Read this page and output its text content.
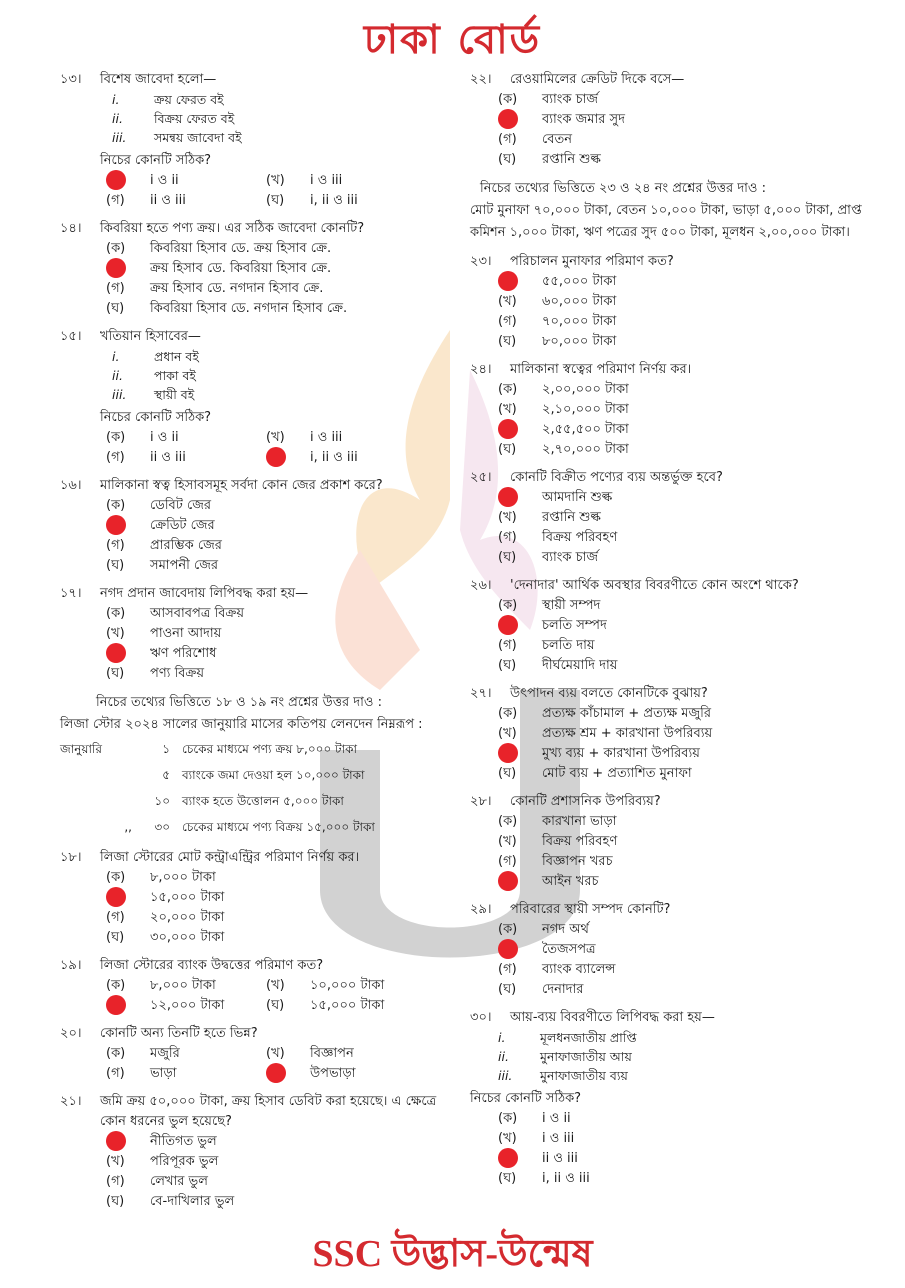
ঢাকা বোর্ড
১৩।	বিশেষ জাবেদা হলো—
i.	ক্রয় ফেরত বই
ii.	বিক্রয় ফেরত বই
iii.	সমন্বয় জাবেদা বই
নিচের কোনটি সঠিক?
i ও ii	(খ)	i ও iii
(গ)	ii ও iii	(ঘ)	i, ii ও iii
১৪।	কিবরিয়া হতে পণ্য ক্রয়। এর সঠিক জাবেদা কোনটি?
(ক)	কিবরিয়া হিসাব ডে. ক্রয় হিসাব ক্রে.
ক্রয় হিসাব ডে. কিবরিয়া হিসাব ক্রে.
(গ)	ক্রয় হিসাব ডে. নগদান হিসাব ক্রে.
(ঘ)	কিবরিয়া হিসাব ডে. নগদান হিসাব ক্রে.
১৫।	খতিয়ান হিসাবের—
i.	প্রধান বই
ii.	পাকা বই
iii.	স্থায়ী বই
নিচের কোনটি সঠিক?
(ক)	i ও ii	(খ)	i ও iii
(গ)	ii ও iii	i, ii ও iii
১৬।	মালিকানা স্বত্ব হিসাবসমূহ সর্বদা কোন জের প্রকাশ করে?
(ক)	ডেবিট জের
ক্রেডিট জের
(গ)	প্রারম্ভিক জের
(ঘ)	সমাপনী জের
১৭।	নগদ প্রদান জাবেদায় লিপিবদ্ধ করা হয়—
(ক)	আসবাবপত্র বিক্রয়
(খ)	পাওনা আদায়
ঋণ পরিশোধ
(ঘ)	পণ্য বিক্রয়
নিচের তথ্যের ভিত্তিতে ১৮ ও ১৯ নং প্রশ্নের উত্তর দাও :
লিজা স্টোর ২০২৪ সালের জানুয়ারি মাসের কতিপয় লেনদেন নিম্নরূপ :
জানুয়ারি	১ চেকের মাধ্যমে পণ্য ক্রয় ৮,০০০ টাকা
৫ ব্যাংকে জমা দেওয়া হল ১০,০০০ টাকা
১০ ব্যাংক হতে উত্তোলন ৫,০০০ টাকা
,, ৩০ চেকের মাধ্যমে পণ্য বিক্রয় ১৫,০০০ টাকা
১৮।	লিজা স্টোরের মোট কন্ট্রাএন্ট্রির পরিমাণ নির্ণয় কর।
(ক)	৮,০০০ টাকা
১৫,০০০ টাকা
(গ)	২০,০০০ টাকা
(ঘ)	৩০,০০০ টাকা
১৯।	লিজা স্টোরের ব্যাংক উদ্বত্তের পরিমাণ কত?
(ক)	৮,০০০ টাকা	(খ)	১০,০০০ টাকা
১২,০০০ টাকা	(ঘ)	১৫,০০০ টাকা
২০।	কোনটি অন্য তিনটি হতে ভিন্ন?
(ক)	মজুরি	(খ)	বিজ্ঞাপন
(গ)	ভাড়া	উপভাড়া
২১।	জমি ক্রয় ৫০,০০০ টাকা, ক্রয় হিসাব ডেবিট করা হয়েছে। এ ক্ষেত্রে কোন ধরনের ভুল হয়েছে?
নীতিগত ভুল
(খ)	পরিপূরক ভুল
(গ)	লেখার ভুল
(ঘ)	বে-দাখিলার ভুল
২২।	রেওয়ামিলের ক্রেডিট দিকে বসে—
(ক)	ব্যাংক চার্জ
ব্যাংক জমার সুদ
(গ)	বেতন
(ঘ)	রপ্তানি শুল্ক
নিচের তথ্যের ভিত্তিতে ২৩ ও ২৪ নং প্রশ্নের উত্তর দাও :
মোট মুনাফা ৭০,০০০ টাকা, বেতন ১০,০০০ টাকা, ভাড়া ৫,০০০ টাকা, প্রাপ্ত কমিশন ১,০০০ টাকা, ঋণ পত্রের সুদ ৫০০ টাকা, মূলধন ২,০০,০০০ টাকা।
২৩।	পরিচালন মুনাফার পরিমাণ কত?
৫৫,০০০ টাকা
(খ)	৬০,০০০ টাকা
(গ)	৭০,০০০ টাকা
(ঘ)	৮০,০০০ টাকা
২৪।	মালিকানা স্বত্বের পরিমাণ নির্ণয় কর।
(ক)	২,০০,০০০ টাকা
(খ)	২,১০,০০০ টাকা
২,৫৫,৫০০ টাকা
(ঘ)	২,৭০,০০০ টাকা
২৫।	কোনটি বিক্রীত পণ্যের ব্যয় অন্তর্ভুক্ত হবে?
আমদানি শুল্ক
(খ)	রপ্তানি শুল্ক
(গ)	বিক্রয় পরিবহণ
(ঘ)	ব্যাংক চার্জ
২৬।	'দেনাদার' আর্থিক অবস্থার বিবরণীতে কোন অংশে থাকে?
(ক)	স্থায়ী সম্পদ
চলতি সম্পদ
(গ)	চলতি দায়
(ঘ)	দীর্ঘমেয়াদি দায়
২৭।	উৎপাদন ব্যয় বলতে কোনটিকে বুঝায়?
(ক)	প্রত্যক্ষ কাঁচামাল + প্রত্যক্ষ মজুরি
(খ)	প্রত্যক্ষ শ্রম + কারখানা উপরিব্যয়
মুখ্য ব্যয় + কারখানা উপরিব্যয়
(ঘ)	মোট ব্যয় + প্রত্যাশিত মুনাফা
২৮।	কোনটি প্রশাসনিক উপরিব্যয়?
(ক)	কারখানা ভাড়া
(খ)	বিক্রয় পরিবহণ
(গ)	বিজ্ঞাপন খরচ
আইন খরচ
২৯।	পরিবারের স্থায়ী সম্পদ কোনটি?
(ক)	নগদ অর্থ
তৈজসপত্র
(গ)	ব্যাংক ব্যালেন্স
(ঘ)	দেনাদার
৩০।	আয়-ব্যয় বিবরণীতে লিপিবদ্ধ করা হয়—
i.	মূলধনজাতীয় প্রাপ্তি
ii.	মুনাফাজাতীয় আয়
iii.	মুনাফাজাতীয় ব্যয়
নিচের কোনটি সঠিক?
(ক)	i ও ii
(খ)	i ও iii
ii ও iii
(ঘ)	i, ii ও iii
SSC উদ্ভাস-উন্মেষ
